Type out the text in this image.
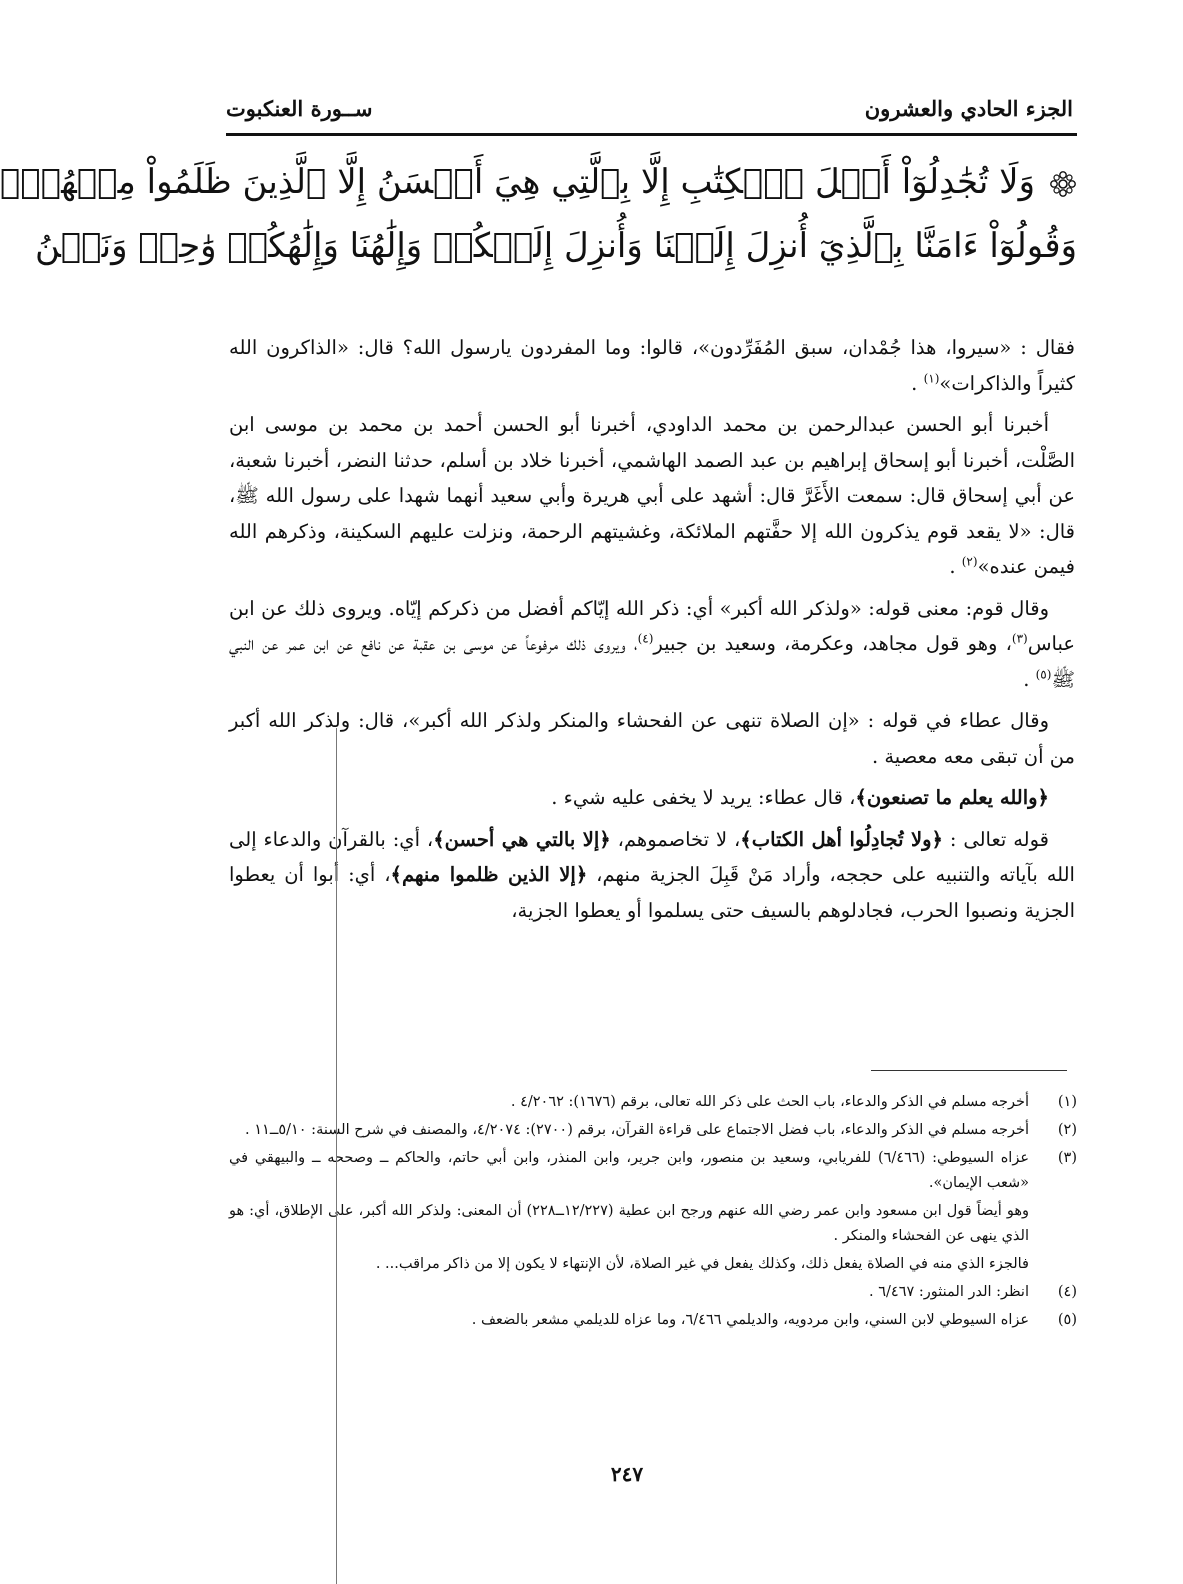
الجزء الحادي والعشرون
ســورة العنكبوت
وَلَا تُجَٰدِلُوٓاْ أَهۡلَ ٱلۡكِتَٰبِ إِلَّا بِٱلَّتِي هِيَ أَحۡسَنُ إِلَّا ٱلَّذِينَ ظَلَمُواْ مِنۡهُمۡۖ
وَقُولُوٓاْ ءَامَنَّا بِٱلَّذِيٓ أُنزِلَ إِلَيۡنَا وَأُنزِلَ إِلَيۡكُمۡ وَإِلَٰهُنَا وَإِلَٰهُكُمۡ وَٰحِدٞ وَنَحۡنُ

فقال : «سيروا، هذا جُمْدان، سبق المُفَرِّدون»، قالوا: وما المفردون يارسول الله؟ قال: «الذاكرون الله كثيراً والذاكرات»$^{(١)}$ .

أخبرنا أبو الحسن عبدالرحمن بن محمد الداودي، أخبرنا أبو الحسن أحمد بن محمد بن موسى ابن الصَّلْت، أخبرنا أبو إسحاق إبراهيم بن عبد الصمد الهاشمي، أخبرنا خلاد بن أسلم، حدثنا النضر، أخبرنا شعبة، عن أبي إسحاق قال: سمعت الأَغَرَّ قال: أشهد على أبي هريرة وأبي سعيد أنهما شهدا على رسول الله ﷺ، قال: «لا يقعد قوم يذكرون الله إلا حفَّتهم الملائكة، وغشيتهم الرحمة، ونزلت عليهم السكينة، وذكرهم الله فيمن عنده»$^{(٢)}$ .

وقال قوم: معنى قوله: «ولذكر الله أكبر» أي: ذكر الله إيّاكم أفضل من ذكركم إيّاه. ويروى ذلك عن ابن عباس$^{(٣)}$، وهو قول مجاهد، وعكرمة، وسعيد بن جبير$^{(٤)}$، ويروى ذلك مرفوعاً عن موسى بن عقبة عن نافع عن ابن عمر عن النبي ﷺ$^{(٥)}$ .

وقال عطاء في قوله : «إن الصلاة تنهى عن الفحشاء والمنكر ولذكر الله أكبر»، قال: ولذكر الله أكبر من أن تبقى معه معصية .

﴿والله يعلم ما تصنعون﴾، قال عطاء: يريد لا يخفى عليه شيء .

قوله تعالى : ﴿ولا تُجادِلُوا أهل الكتاب﴾، لا تخاصموهم، ﴿إلا بالتي هي أحسن﴾، أي: بالقرآن والدعاء إلى الله بآياته والتنبيه على حججه، وأراد مَنْ قَبِلَ الجزية منهم، ﴿إلا الذين ظلموا منهم﴾، أي: أبوا أن يعطوا الجزية ونصبوا الحرب، فجادلوهم بالسيف حتى يسلموا أو يعطوا الجزية،

(١)
أخرجه مسلم في الذكر والدعاء، باب الحث على ذكر الله تعالى، برقم (١٦٧٦): ٤/٢٠٦٢ .
(٢)
أخرجه مسلم في الذكر والدعاء، باب فضل الاجتماع على قراءة القرآن، برقم (٢٧٠٠): ٤/٢٠٧٤، والمصنف في شرح السنة: ٥/١٠ــ١١ .
(٣)
عزاه السيوطي: (٦/٤٦٦) للفريابي، وسعيد بن منصور، وابن جرير، وابن المنذر، وابن أبي حاتم، والحاكم ــ وصححه ــ والبيهقي في «شعب الإيمان».
وهو أيضاً قول ابن مسعود وابن عمر رضي الله عنهم ورجح ابن عطية (١٢/٢٢٧ــ٢٢٨) أن المعنى: ولذكر الله أكبر، على الإطلاق، أي: هو الذي ينهى عن الفحشاء والمنكر .
فالجزء الذي منه في الصلاة يفعل ذلك، وكذلك يفعل في غير الصلاة، لأن الإنتهاء لا يكون إلا من ذاكر مراقب... .
(٤)
انظر: الدر المنثور: ٦/٤٦٧ .
(٥)
عزاه السيوطي لابن السني، وابن مردويه، والديلمي ٦/٤٦٦، وما عزاه للديلمي مشعر بالضعف .
٢٤٧
